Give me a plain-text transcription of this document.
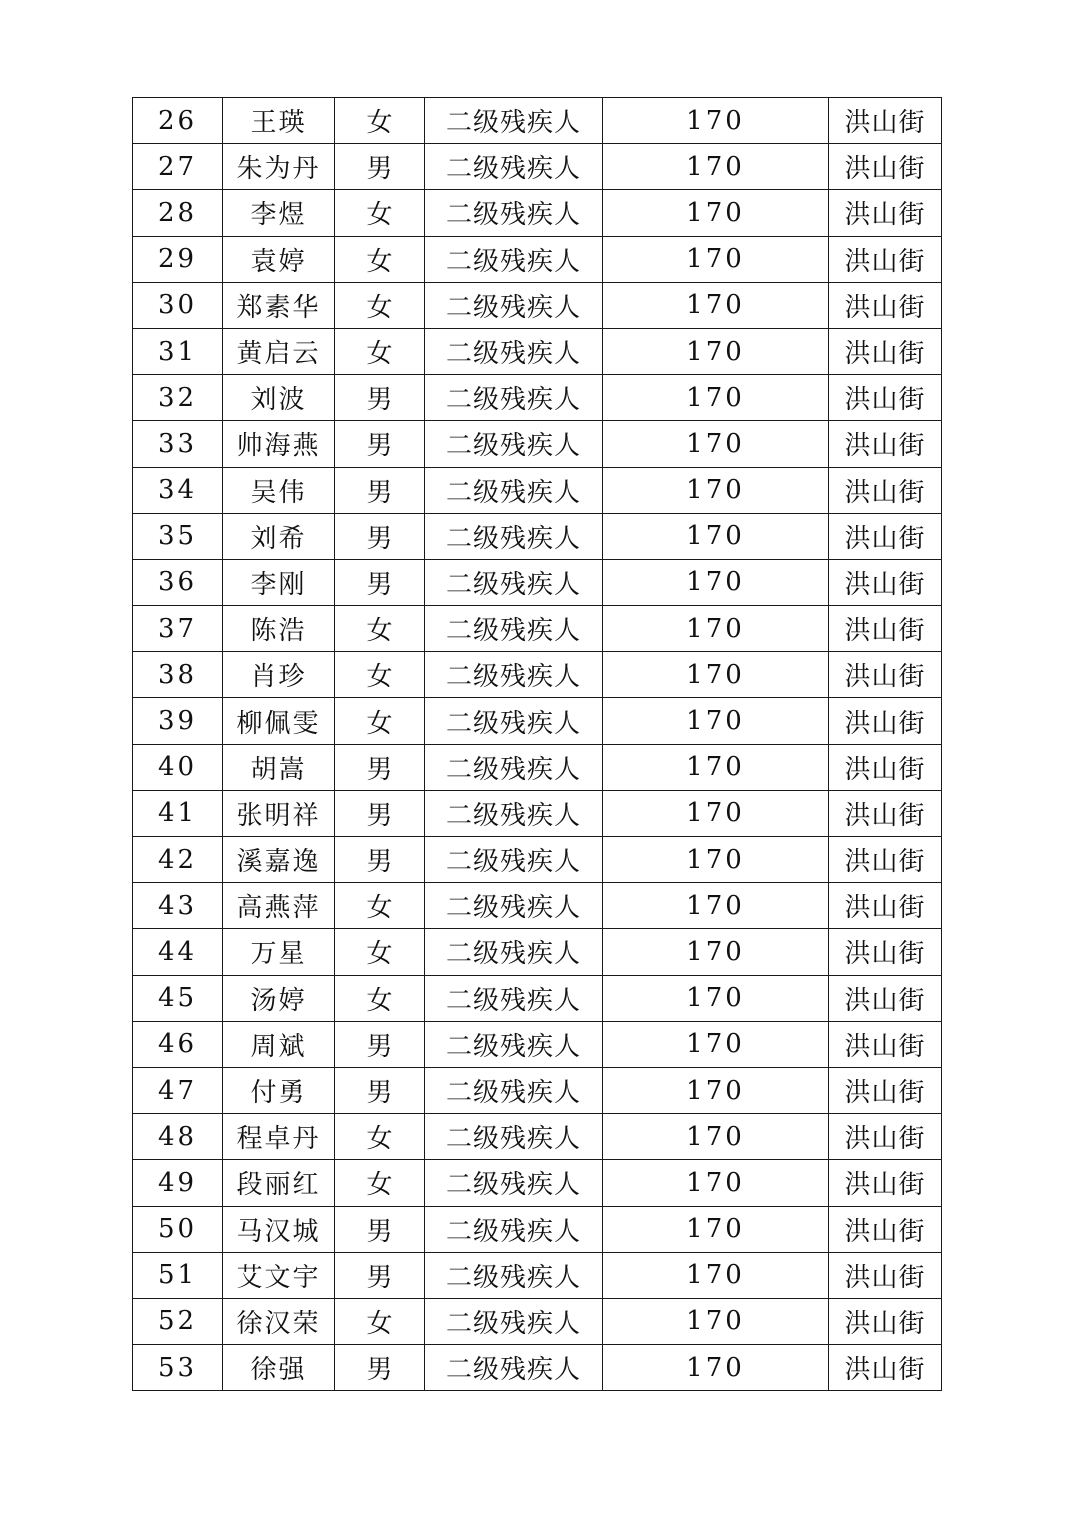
26	王瑛	女	二级残疾人	170	洪山街
27	朱为丹	男	二级残疾人	170	洪山街
28	李煜	女	二级残疾人	170	洪山街
29	袁婷	女	二级残疾人	170	洪山街
30	郑素华	女	二级残疾人	170	洪山街
31	黄启云	女	二级残疾人	170	洪山街
32	刘波	男	二级残疾人	170	洪山街
33	帅海燕	男	二级残疾人	170	洪山街
34	吴伟	男	二级残疾人	170	洪山街
35	刘希	男	二级残疾人	170	洪山街
36	李刚	男	二级残疾人	170	洪山街
37	陈浩	女	二级残疾人	170	洪山街
38	肖珍	女	二级残疾人	170	洪山街
39	柳佩雯	女	二级残疾人	170	洪山街
40	胡嵩	男	二级残疾人	170	洪山街
41	张明祥	男	二级残疾人	170	洪山街
42	溪嘉逸	男	二级残疾人	170	洪山街
43	高燕萍	女	二级残疾人	170	洪山街
44	万星	女	二级残疾人	170	洪山街
45	汤婷	女	二级残疾人	170	洪山街
46	周斌	男	二级残疾人	170	洪山街
47	付勇	男	二级残疾人	170	洪山街
48	程卓丹	女	二级残疾人	170	洪山街
49	段丽红	女	二级残疾人	170	洪山街
50	马汉城	男	二级残疾人	170	洪山街
51	艾文宇	男	二级残疾人	170	洪山街
52	徐汉荣	女	二级残疾人	170	洪山街
53	徐强	男	二级残疾人	170	洪山街
